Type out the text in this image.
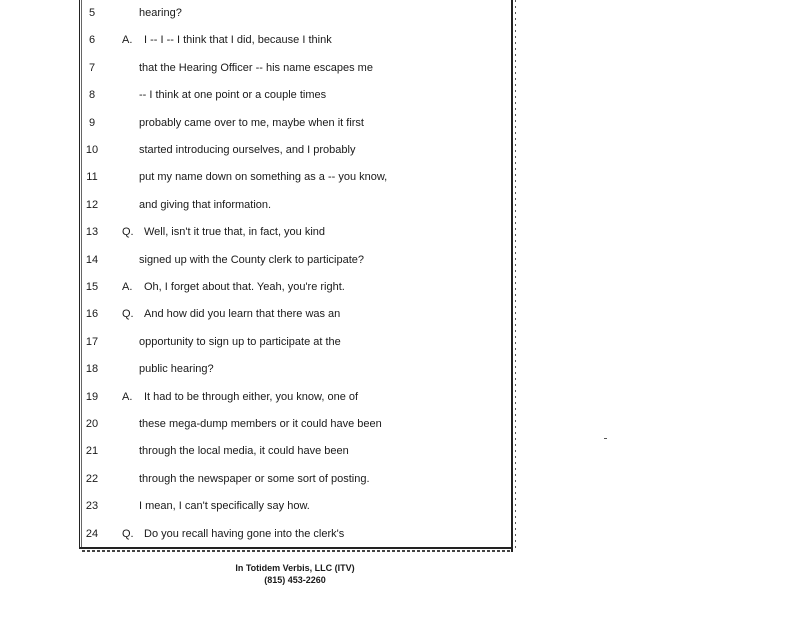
5	hearing?
6	A. I -- I -- I think that I did, because I think
7	that the Hearing Officer -- his name escapes me
8	-- I think at one point or a couple times
9	probably came over to me, maybe when it first
10	started introducing ourselves, and I probably
11	put my name down on something as a -- you know,
12	and giving that information.
13	Q. Well, isn't it true that, in fact, you kind
14	signed up with the County clerk to participate?
15	A. Oh, I forget about that. Yeah, you're right.
16	Q. And how did you learn that there was an
17	opportunity to sign up to participate at the
18	public hearing?
19	A. It had to be through either, you know, one of
20	these mega-dump members or it could have been
21	through the local media, it could have been
22	through the newspaper or some sort of posting.
23	I mean, I can't specifically say how.
24	Q. Do you recall having gone into the clerk's
In Totidem Verbis, LLC (ITV)
(815) 453-2260
